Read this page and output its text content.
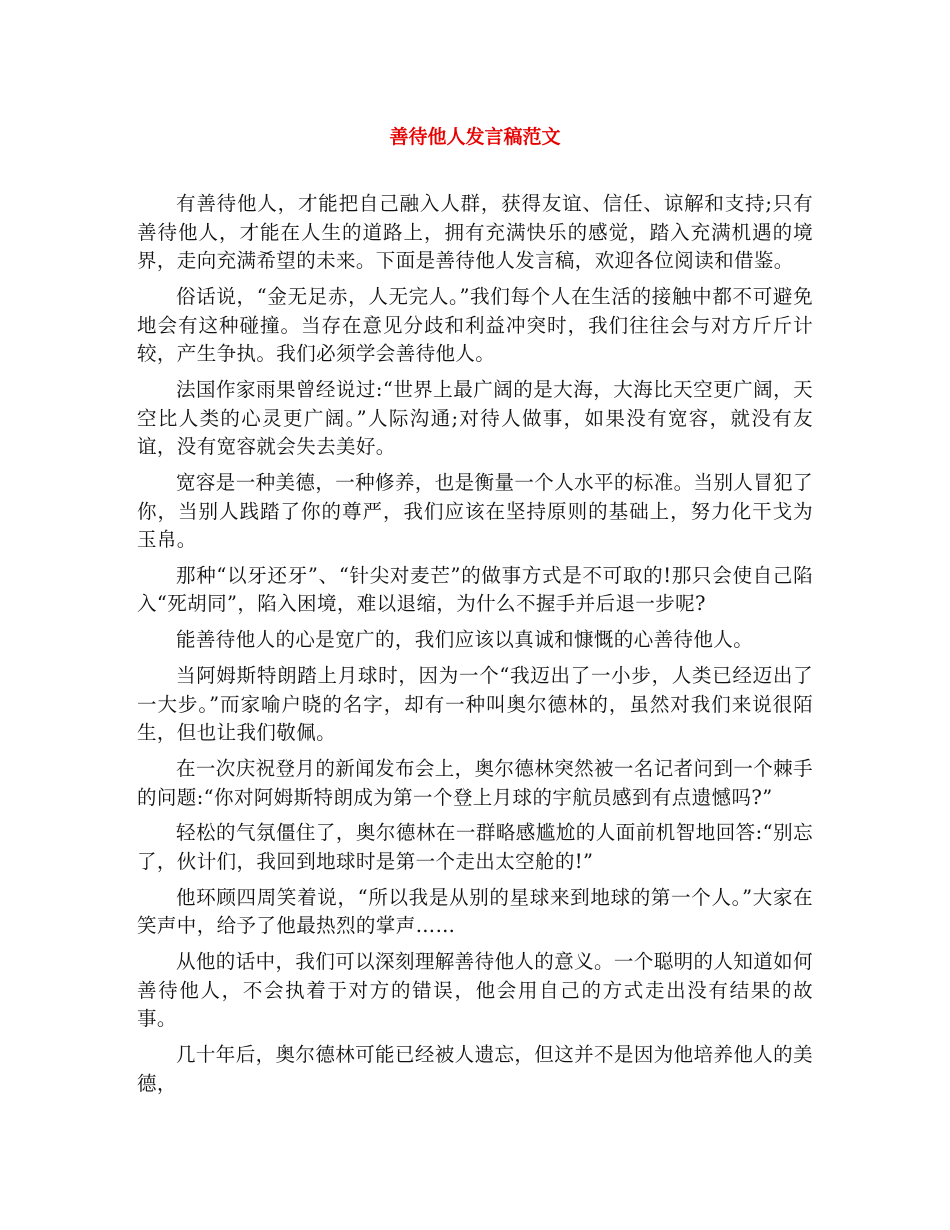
善待他人发言稿范文

有善待他人，才能把自己融入人群，获得友谊、信任、谅解和支持;只有善待他人，才能在人生的道路上，拥有充满快乐的感觉，踏入充满机遇的境界，走向充满希望的未来。下面是善待他人发言稿，欢迎各位阅读和借鉴。

俗话说，“金无足赤，人无完人。”我们每个人在生活的接触中都不可避免地会有这种碰撞。当存在意见分歧和利益冲突时，我们往往会与对方斤斤计较，产生争执。我们必须学会善待他人。

法国作家雨果曾经说过:“世界上最广阔的是大海，大海比天空更广阔，天空比人类的心灵更广阔。”人际沟通;对待人做事，如果没有宽容，就没有友谊，没有宽容就会失去美好。

宽容是一种美德，一种修养，也是衡量一个人水平的标准。当别人冒犯了你，当别人践踏了你的尊严，我们应该在坚持原则的基础上，努力化干戈为玉帛。

那种“以牙还牙”、“针尖对麦芒”的做事方式是不可取的!那只会使自己陷入“死胡同”，陷入困境，难以退缩，为什么不握手并后退一步呢?

能善待他人的心是宽广的，我们应该以真诚和慷慨的心善待他人。

当阿姆斯特朗踏上月球时，因为一个“我迈出了一小步，人类已经迈出了一大步。”而家喻户晓的名字，却有一种叫奥尔德林的，虽然对我们来说很陌生，但也让我们敬佩。

在一次庆祝登月的新闻发布会上，奥尔德林突然被一名记者问到一个棘手的问题:“你对阿姆斯特朗成为第一个登上月球的宇航员感到有点遗憾吗?”

轻松的气氛僵住了，奥尔德林在一群略感尴尬的人面前机智地回答:“别忘了，伙计们，我回到地球时是第一个走出太空舱的!”

他环顾四周笑着说，“所以我是从别的星球来到地球的第一个人。”大家在笑声中，给予了他最热烈的掌声……

从他的话中，我们可以深刻理解善待他人的意义。一个聪明的人知道如何善待他人，不会执着于对方的错误，他会用自己的方式走出没有结果的故事。

几十年后，奥尔德林可能已经被人遗忘，但这并不是因为他培养他人的美德，
